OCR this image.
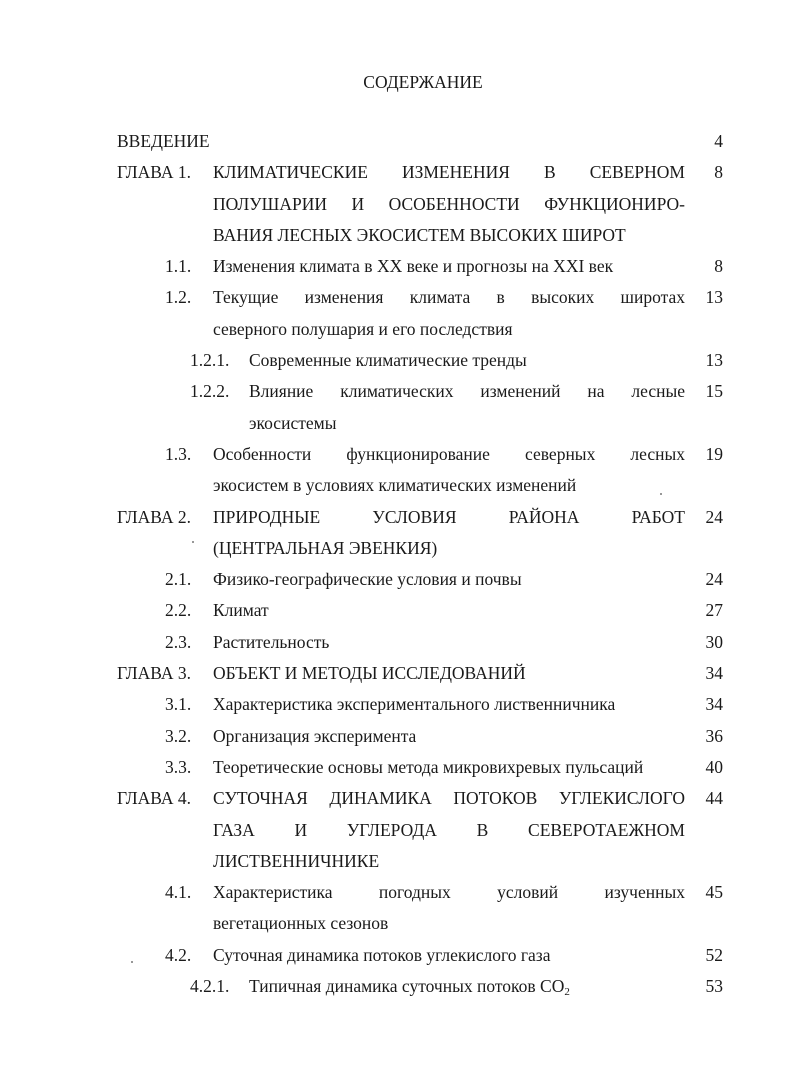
СОДЕРЖАНИЕ
ВВЕДЕНИЕ	4
ГЛАВА 1. КЛИМАТИЧЕСКИЕ ИЗМЕНЕНИЯ В СЕВЕРНОМ 8
ПОЛУШАРИИ И ОСОБЕННОСТИ ФУНКЦИОНИРО-
ВАНИЯ ЛЕСНЫХ ЭКОСИСТЕМ ВЫСОКИХ ШИРОТ
1.1. Изменения климата в XX веке и прогнозы на XXI век	8
1.2. Текущие изменения климата в высоких широтах 13
северного полушария и его последствия
1.2.1. Современные климатические тренды	13
1.2.2. Влияние климатических изменений на лесные 15
экосистемы
1.3. Особенности функционирование северных лесных 19
экосистем в условиях климатических изменений
ГЛАВА 2. ПРИРОДНЫЕ УСЛОВИЯ РАЙОНА РАБОТ 24
(ЦЕНТРАЛЬНАЯ ЭВЕНКИЯ)
2.1. Физико-географические условия и почвы	24
2.2. Климат	27
2.3. Растительность	30
ГЛАВА 3. ОБЪЕКТ И МЕТОДЫ ИССЛЕДОВАНИЙ	34
3.1. Характеристика экспериментального лиственничника	34
3.2. Организация эксперимента	36
3.3. Теоретические основы метода микровихревых пульсаций	40
ГЛАВА 4. СУТОЧНАЯ ДИНАМИКА ПОТОКОВ УГЛЕКИСЛОГО 44
ГАЗА И УГЛЕРОДА В СЕВЕРОТАЕЖНОМ
ЛИСТВЕННИЧНИКЕ
4.1. Характеристика погодных условий изученных 45
вегетационных сезонов
4.2. Суточная динамика потоков углекислого газа	52
4.2.1. Типичная динамика суточных потоков $CO_2$	53
